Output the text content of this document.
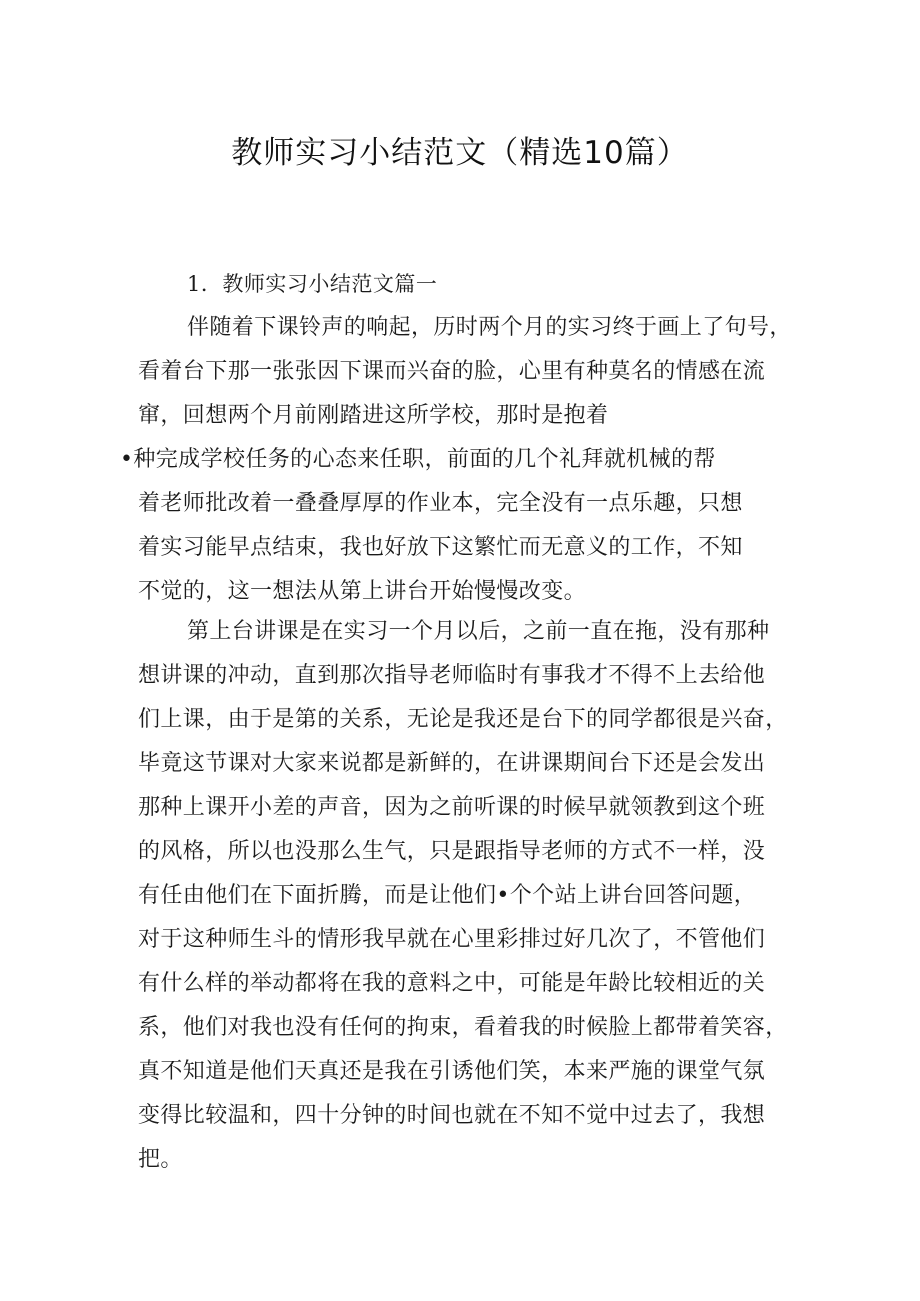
教师实习小结范文（精选10篇）
1．教师实习小结范文篇一
伴随着下课铃声的响起，历时两个月的实习终于画上了句号，
看着台下那一张张因下课而兴奋的脸，心里有种莫名的情感在流
窜，回想两个月前刚踏进这所学校，那时是抱着
•种完成学校任务的心态来任职，前面的几个礼拜就机械的帮
着老师批改着一叠叠厚厚的作业本，完全没有一点乐趣，只想
着实习能早点结束，我也好放下这繁忙而无意义的工作，不知
不觉的，这一想法从第上讲台开始慢慢改变。
第上台讲课是在实习一个月以后，之前一直在拖，没有那种
想讲课的冲动，直到那次指导老师临时有事我才不得不上去给他
们上课，由于是第的关系，无论是我还是台下的同学都很是兴奋，
毕竟这节课对大家来说都是新鲜的，在讲课期间台下还是会发出
那种上课开小差的声音，因为之前听课的时候早就领教到这个班
的风格，所以也没那么生气，只是跟指导老师的方式不一样，没
有任由他们在下面折腾，而是让他们•个个站上讲台回答问题，
对于这种师生斗的情形我早就在心里彩排过好几次了，不管他们
有什么样的举动都将在我的意料之中，可能是年龄比较相近的关
系，他们对我也没有任何的拘束，看着我的时候脸上都带着笑容，
真不知道是他们天真还是我在引诱他们笑，本来严施的课堂气氛
变得比较温和，四十分钟的时间也就在不知不觉中过去了，我想
把。
